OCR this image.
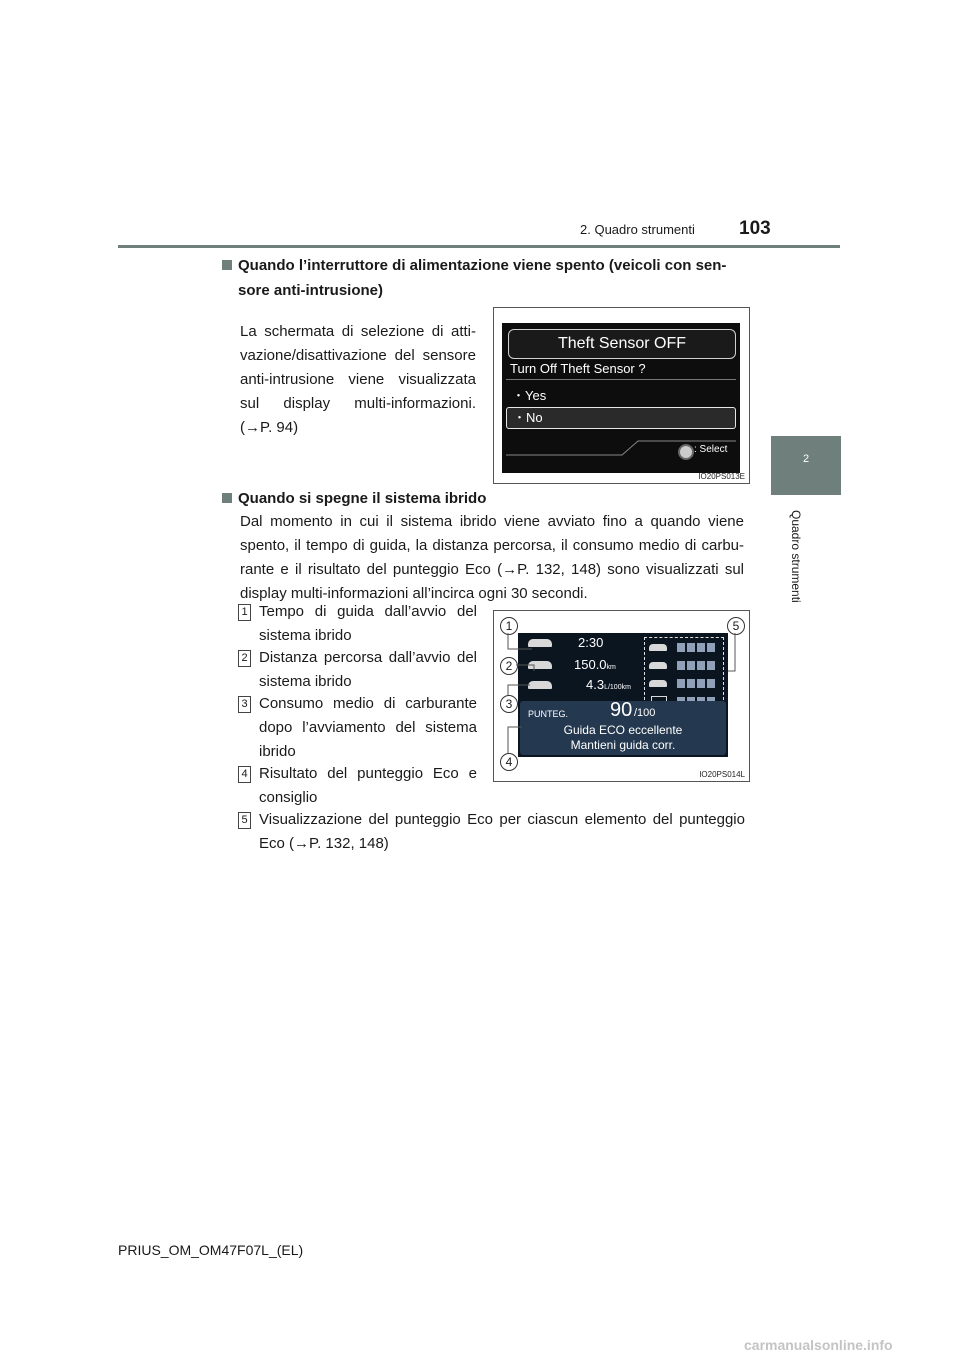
2. Quadro strumenti 103
2
Quadro strumenti
Quando l’interruttore di alimentazione viene spento (veicoli con sen-
sore anti-intrusione)
La schermata di selezione di atti-
vazione/disattivazione del sensore
anti-intrusione viene visualizzata
sul display multi-informazioni.
(→P. 94)
Theft Sensor OFF
Turn Off Theft Sensor ?
・Yes
・No
: Select
IO20PS013E
Quando si spegne il sistema ibrido
Dal momento in cui il sistema ibrido viene avviato fino a quando viene
spento, il tempo di guida, la distanza percorsa, il consumo medio di carbu-
rante e il risultato del punteggio Eco (→P. 132, 148) sono visualizzati sul
display multi-informazioni all’incirca ogni 30 secondi.
1 Tempo di guida dall’avvio del
sistema ibrido
2 Distanza percorsa dall’avvio del
sistema ibrido
3 Consumo medio di carburante
dopo l’avviamento del sistema
ibrido
4 Risultato del punteggio Eco e
consiglio
5 Visualizzazione del punteggio Eco per ciascun elemento del punteggio
Eco (→P. 132, 148)
2:30
150.0km
4.3L/100km
PUNTEG. 90 /100
Guida ECO eccellente
Mantieni guida corr.
1
2
3
4
5
IO20PS014L
PRIUS_OM_OM47F07L_(EL)
carmanualsonline.info
